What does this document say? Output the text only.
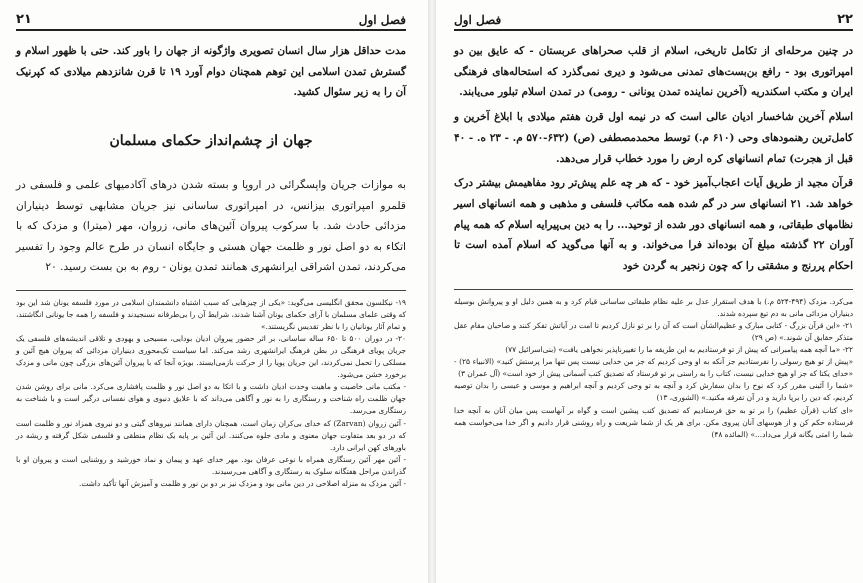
فصل اول
۲۱

مدت حداقل هزار سال انسان تصویری واژگونه از جهان را باور کند. حتی با ظهور اسلام و گسترش تمدن اسلامی این توهم همچنان دوام آورد ۱۹ تا قرن شانزدهم میلادی که کپرنیک آن را به زیر سئوال کشید.

جهان از چشم‌انداز حکمای مسلمان

به موازات جریان واپسگرائی در اروپا و بسته شدن درهای آکادمیهای علمی و فلسفی در قلمرو امپراتوری بیزانس، در امپراتوری ساسانی نیز جریان مشابهی توسط دینیاران مزدائی حادث شد. با سرکوب پیروان آئین‌های مانی، زروان، مهر (میترا) و مزدک که با اتکاء به دو اصل نور و ظلمت جهان هستی و جایگاه انسان در طرح عالم وجود را تفسیر می‌کردند، تمدن اشراقی ایرانشهری همانند تمدن یونان - روم به بن بست رسید. ۲۰

۱۹- نیکلسون محقق انگلیسی می‌گوید: «یکی از چیزهایی که سبب اشتباه دانشمندان اسلامی در مورد فلسفه یونان شد این بود که وقتی علمای مسلمان با آرای حکمای یونان آشنا شدند، شرایط آن را بی‌طرفانه نسنجیدند و فلسفه را همه جا یونانی انگاشتند، و تمام آثار یونانیان را با نظر تقدیس نگریستند.»

۲۰- در دوران ۵۰۰ تا ۶۵۰ ساله ساسانی، بر اثر حضور پیروان ادیان بودایی، مسیحی و یهودی و تلاقی اندیشه‌های فلسفی یک جریان پویای فرهنگی در بطن فرهنگ ایرانشهری رشد می‌کند. اما سیاست تک‌محوری دینیاران مزدائی که پیروان هیچ آئین و مسلکی را تحمل نمی‌کردند، این جریان پویا را از حرکت بازمی‌ایستد. بویژه آنجا که با پیروان آئین‌های بزرگی چون مانی و مزدک برخورد خشن می‌شود.

- مکتب مانی خاصیت و ماهیت وحدت ادیان داشت و با اتکا به دو اصل نور و ظلمت پافشاری می‌کرد. مانی برای روشن شدن جهان ظلمت راه شناخت و رستگاری را به نور و آگاهی می‌داند که با علایق دنیوی و هوای نفسانی درگیر است و با شناخت به رستگاری می‌رسد.

- آئین زروان (Zarvan) که خدای بی‌کران زمان است، همچنان دارای همانند نیروهای گیتی و دو نیروی همزاد نور و ظلمت است که در دو بعد متفاوت جهان معنوی و مادی جلوه می‌کنند. این آئین بر پایه یک نظام منطقی و فلسفی شکل گرفته و ریشه در باورهای کهن ایرانی دارد.

- آئین مهر آئین رستگاری همراه با نوعی عرفان بود. مهر خدای عهد و پیمان و نماد خورشید و روشنایی است و پیروان او با گذراندن مراحل هفتگانه سلوک به رستگاری و آگاهی می‌رسیدند.

- آئین مزدک به منزله اصلاحی در دین مانی بود و مزدک نیز بر دو بن نور و ظلمت و آمیزش آنها تأکید داشت.

۲۲
فصل اول

در چنین مرحله‌ای از تکامل تاریخی، اسلام از قلب صحراهای عربستان - که عایق بین دو امپراتوری بود - رافع بن‌بست‌های تمدنی می‌شود و دیری نمی‌گذرد که استحاله‌های فرهنگی ایران و مکتب اسکندریه (آخرین نماینده تمدن یونانی - رومی) در تمدن اسلام تبلور می‌یابند.

اسلام آخرین شاخسار ادیان عالی است که در نیمه اول قرن هفتم میلادی با ابلاغ آخرین و کامل‌ترین رهنمودهای وحی (۶۱۰ م.) توسط محمدمصطفی (ص) (۶۳۲-۵۷۰ م. - ۲۳ ه. - ۴۰ قبل از هجرت) تمام انسانهای کره ارض را مورد خطاب قرار می‌دهد.

قرآن مجید از طریق آیات اعجاب‌آمیز خود - که هر چه علم پیش‌تر رود مفاهیمش بیشتر درک خواهد شد. ۲۱ انسانهای سر در گم شده همه مکاتب فلسفی و مذهبی و همه انسانهای اسیر نظامهای طبقاتی، و همه انسانهای دور شده از توحید... را به دین بی‌پیرایه اسلام که همه پیام آوران ۲۲ گذشته مبلغ آن بوده‌اند فرا می‌خواند. و به آنها می‌گوید که اسلام آمده است تا احکام پررنج و مشقتی را که چون زنجیر به گردن خود

می‌کرد. مزدک (۴۹۴-۵۲۴ م.) با هدف استقرار عدل بر علیه نظام طبقاتی ساسانی قیام کرد و به همین دلیل او و پیروانش بوسیله دینیاران مزدائی مانی به دم تیغ سپرده شدند.

۲۱- «این قرآن بزرگ - کتابی مبارک و عظیم‌الشأن است که آن را بر تو نازل کردیم تا امت در آیاتش تفکر کنند و صاحبان مقام عقل متذکر حقایق آن شوند.» (ص ۲۹)

۲۲- «ما آنچه همه پیامبرانی که پیش از تو فرستادیم به این طریقه ما را تغییرناپذیر نخواهی یافت» (بنی‌اسرائیل ۷۷)

«پیش از تو هیچ رسولی را نفرستادیم جز آنکه به او وحی کردیم که جز من خدایی نیست پس تنها مرا پرستش کنید» (الانبیاء ۲۵) - «خدای یکتا که جز او هیچ خدایی نیست، کتاب را به راستی بر تو فرستاد که تصدیق کتب آسمانی پیش از خود است» (آل عمران ۳)

«شما را آئینی مقرر کرد که نوح را بدان سفارش کرد و آنچه به تو وحی کردیم و آنچه ابراهیم و موسی و عیسی را بدان توصیه کردیم، که دین را برپا دارید و در آن تفرقه مکنید.» (الشوری، ۱۳)

«ای کتاب (قرآن عظیم) را بر تو به حق فرستادیم که تصدیق کتب پیشین است و گواه بر آنهاست پس میان آنان به آنچه خدا فرستاده حکم کن و از هوسهای آنان پیروی مکن. برای هر یک از شما شریعت و راه روشنی قرار دادیم و اگر خدا می‌خواست همه شما را امتی یگانه قرار می‌داد...» (المائده ۴۸)
